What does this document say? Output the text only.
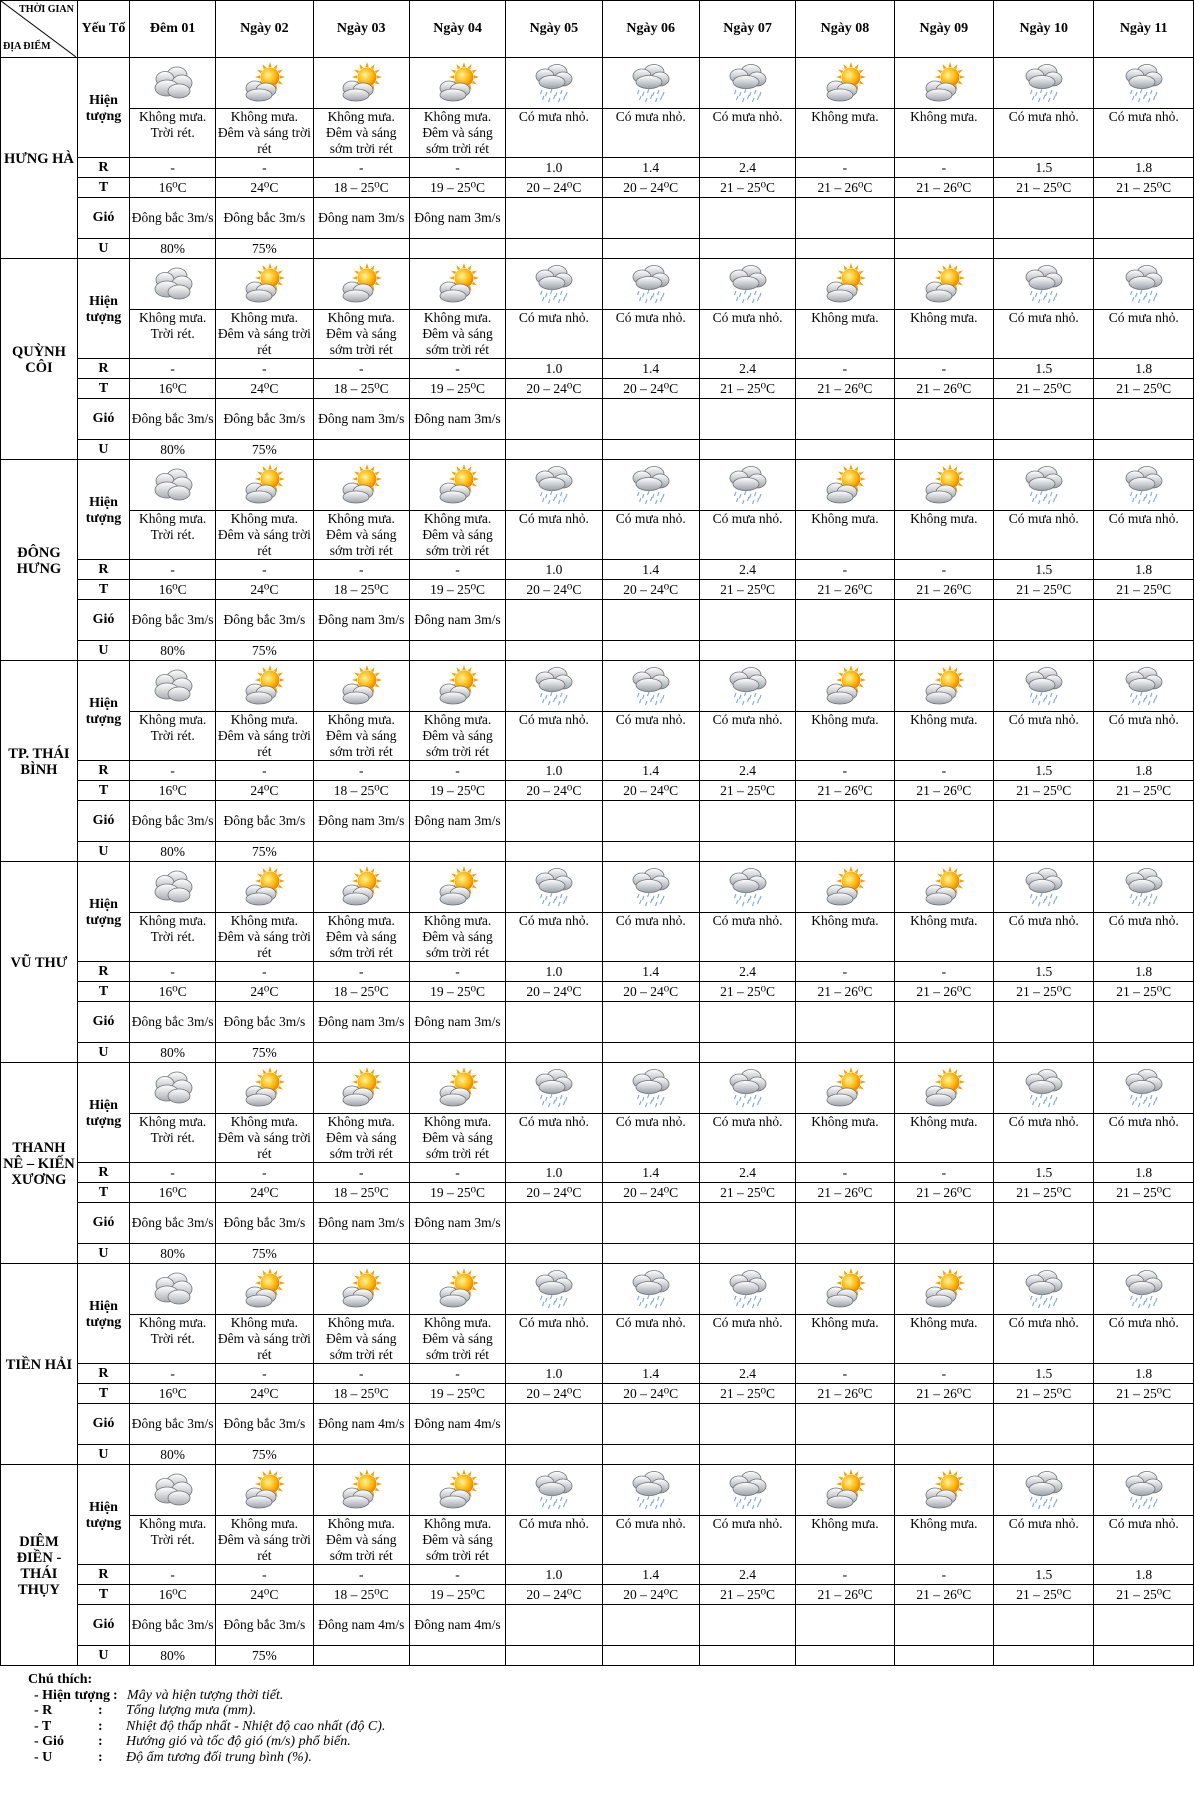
THỜI GIAN
ĐỊA ĐIỂM	Yếu Tố	Đêm 01	Ngày 02	Ngày 03	Ngày 04	Ngày 05	Ngày 06	Ngày 07	Ngày 08	Ngày 09	Ngày 10	Ngày 11
HƯNG HÀ	Hiện tượng											
		Không mưa. Trời rét.	Không mưa. Đêm và sáng trời rét	Không mưa. Đêm và sáng sớm trời rét	Không mưa. Đêm và sáng sớm trời rét	Có mưa nhỏ.	Có mưa nhỏ.	Có mưa nhỏ.	Không mưa.	Không mưa.	Có mưa nhỏ.	Có mưa nhỏ.
	R	-	-	-	-	1.0	1.4	2.4	-	-	1.5	1.8
	T	16⁰C	24⁰C	18 – 25⁰C	19 – 25⁰C	20 – 24⁰C	20 – 24⁰C	21 – 25⁰C	21 – 26⁰C	21 – 26⁰C	21 – 25⁰C	21 – 25⁰C
	Gió	Đông bắc 3m/s	Đông bắc 3m/s	Đông nam 3m/s	Đông nam 3m/s							
	U	80%	75%									
QUỲNH CÔI	Hiện tượng											
		Không mưa. Trời rét.	Không mưa. Đêm và sáng trời rét	Không mưa. Đêm và sáng sớm trời rét	Không mưa. Đêm và sáng sớm trời rét	Có mưa nhỏ.	Có mưa nhỏ.	Có mưa nhỏ.	Không mưa.	Không mưa.	Có mưa nhỏ.	Có mưa nhỏ.
	R	-	-	-	-	1.0	1.4	2.4	-	-	1.5	1.8
	T	16⁰C	24⁰C	18 – 25⁰C	19 – 25⁰C	20 – 24⁰C	20 – 24⁰C	21 – 25⁰C	21 – 26⁰C	21 – 26⁰C	21 – 25⁰C	21 – 25⁰C
	Gió	Đông bắc 3m/s	Đông bắc 3m/s	Đông nam 3m/s	Đông nam 3m/s							
	U	80%	75%									
ĐÔNG HƯNG	Hiện tượng											
		Không mưa. Trời rét.	Không mưa. Đêm và sáng trời rét	Không mưa. Đêm và sáng sớm trời rét	Không mưa. Đêm và sáng sớm trời rét	Có mưa nhỏ.	Có mưa nhỏ.	Có mưa nhỏ.	Không mưa.	Không mưa.	Có mưa nhỏ.	Có mưa nhỏ.
	R	-	-	-	-	1.0	1.4	2.4	-	-	1.5	1.8
	T	16⁰C	24⁰C	18 – 25⁰C	19 – 25⁰C	20 – 24⁰C	20 – 24⁰C	21 – 25⁰C	21 – 26⁰C	21 – 26⁰C	21 – 25⁰C	21 – 25⁰C
	Gió	Đông bắc 3m/s	Đông bắc 3m/s	Đông nam 3m/s	Đông nam 3m/s							
	U	80%	75%									
TP. THÁI BÌNH	Hiện tượng											
		Không mưa. Trời rét.	Không mưa. Đêm và sáng trời rét	Không mưa. Đêm và sáng sớm trời rét	Không mưa. Đêm và sáng sớm trời rét	Có mưa nhỏ.	Có mưa nhỏ.	Có mưa nhỏ.	Không mưa.	Không mưa.	Có mưa nhỏ.	Có mưa nhỏ.
	R	-	-	-	-	1.0	1.4	2.4	-	-	1.5	1.8
	T	16⁰C	24⁰C	18 – 25⁰C	19 – 25⁰C	20 – 24⁰C	20 – 24⁰C	21 – 25⁰C	21 – 26⁰C	21 – 26⁰C	21 – 25⁰C	21 – 25⁰C
	Gió	Đông bắc 3m/s	Đông bắc 3m/s	Đông nam 3m/s	Đông nam 3m/s							
	U	80%	75%									
VŨ THƯ	Hiện tượng											
		Không mưa. Trời rét.	Không mưa. Đêm và sáng trời rét	Không mưa. Đêm và sáng sớm trời rét	Không mưa. Đêm và sáng sớm trời rét	Có mưa nhỏ.	Có mưa nhỏ.	Có mưa nhỏ.	Không mưa.	Không mưa.	Có mưa nhỏ.	Có mưa nhỏ.
	R	-	-	-	-	1.0	1.4	2.4	-	-	1.5	1.8
	T	16⁰C	24⁰C	18 – 25⁰C	19 – 25⁰C	20 – 24⁰C	20 – 24⁰C	21 – 25⁰C	21 – 26⁰C	21 – 26⁰C	21 – 25⁰C	21 – 25⁰C
	Gió	Đông bắc 3m/s	Đông bắc 3m/s	Đông nam 3m/s	Đông nam 3m/s							
	U	80%	75%									
THANH NÊ – KIẾN XƯƠNG	Hiện tượng											
		Không mưa. Trời rét.	Không mưa. Đêm và sáng trời rét	Không mưa. Đêm và sáng sớm trời rét	Không mưa. Đêm và sáng sớm trời rét	Có mưa nhỏ.	Có mưa nhỏ.	Có mưa nhỏ.	Không mưa.	Không mưa.	Có mưa nhỏ.	Có mưa nhỏ.
	R	-	-	-	-	1.0	1.4	2.4	-	-	1.5	1.8
	T	16⁰C	24⁰C	18 – 25⁰C	19 – 25⁰C	20 – 24⁰C	20 – 24⁰C	21 – 25⁰C	21 – 26⁰C	21 – 26⁰C	21 – 25⁰C	21 – 25⁰C
	Gió	Đông bắc 3m/s	Đông bắc 3m/s	Đông nam 3m/s	Đông nam 3m/s							
	U	80%	75%									
TIỀN HẢI	Hiện tượng											
		Không mưa. Trời rét.	Không mưa. Đêm và sáng trời rét	Không mưa. Đêm và sáng sớm trời rét	Không mưa. Đêm và sáng sớm trời rét	Có mưa nhỏ.	Có mưa nhỏ.	Có mưa nhỏ.	Không mưa.	Không mưa.	Có mưa nhỏ.	Có mưa nhỏ.
	R	-	-	-	-	1.0	1.4	2.4	-	-	1.5	1.8
	T	16⁰C	24⁰C	18 – 25⁰C	19 – 25⁰C	20 – 24⁰C	20 – 24⁰C	21 – 25⁰C	21 – 26⁰C	21 – 26⁰C	21 – 25⁰C	21 – 25⁰C
	Gió	Đông bắc 3m/s	Đông bắc 3m/s	Đông nam 4m/s	Đông nam 4m/s							
	U	80%	75%									
DIÊM ĐIỀN - THÁI THỤY	Hiện tượng											
		Không mưa. Trời rét.	Không mưa. Đêm và sáng trời rét	Không mưa. Đêm và sáng sớm trời rét	Không mưa. Đêm và sáng sớm trời rét	Có mưa nhỏ.	Có mưa nhỏ.	Có mưa nhỏ.	Không mưa.	Không mưa.	Có mưa nhỏ.	Có mưa nhỏ.
	R	-	-	-	-	1.0	1.4	2.4	-	-	1.5	1.8
	T	16⁰C	24⁰C	18 – 25⁰C	19 – 25⁰C	20 – 24⁰C	20 – 24⁰C	21 – 25⁰C	21 – 26⁰C	21 – 26⁰C	21 – 25⁰C	21 – 25⁰C
	Gió	Đông bắc 3m/s	Đông bắc 3m/s	Đông nam 4m/s	Đông nam 4m/s							
	U	80%	75%									
Chú thích:
- Hiện tượng : Mây và hiện tượng thời tiết.
- R	:	Tổng lượng mưa (mm).
- T	:	Nhiệt độ thấp nhất - Nhiệt độ cao nhất (độ C).
- Gió	:	Hướng gió và tốc độ gió (m/s) phổ biến.
- U	:	Độ ẩm tương đối trung bình (%).
